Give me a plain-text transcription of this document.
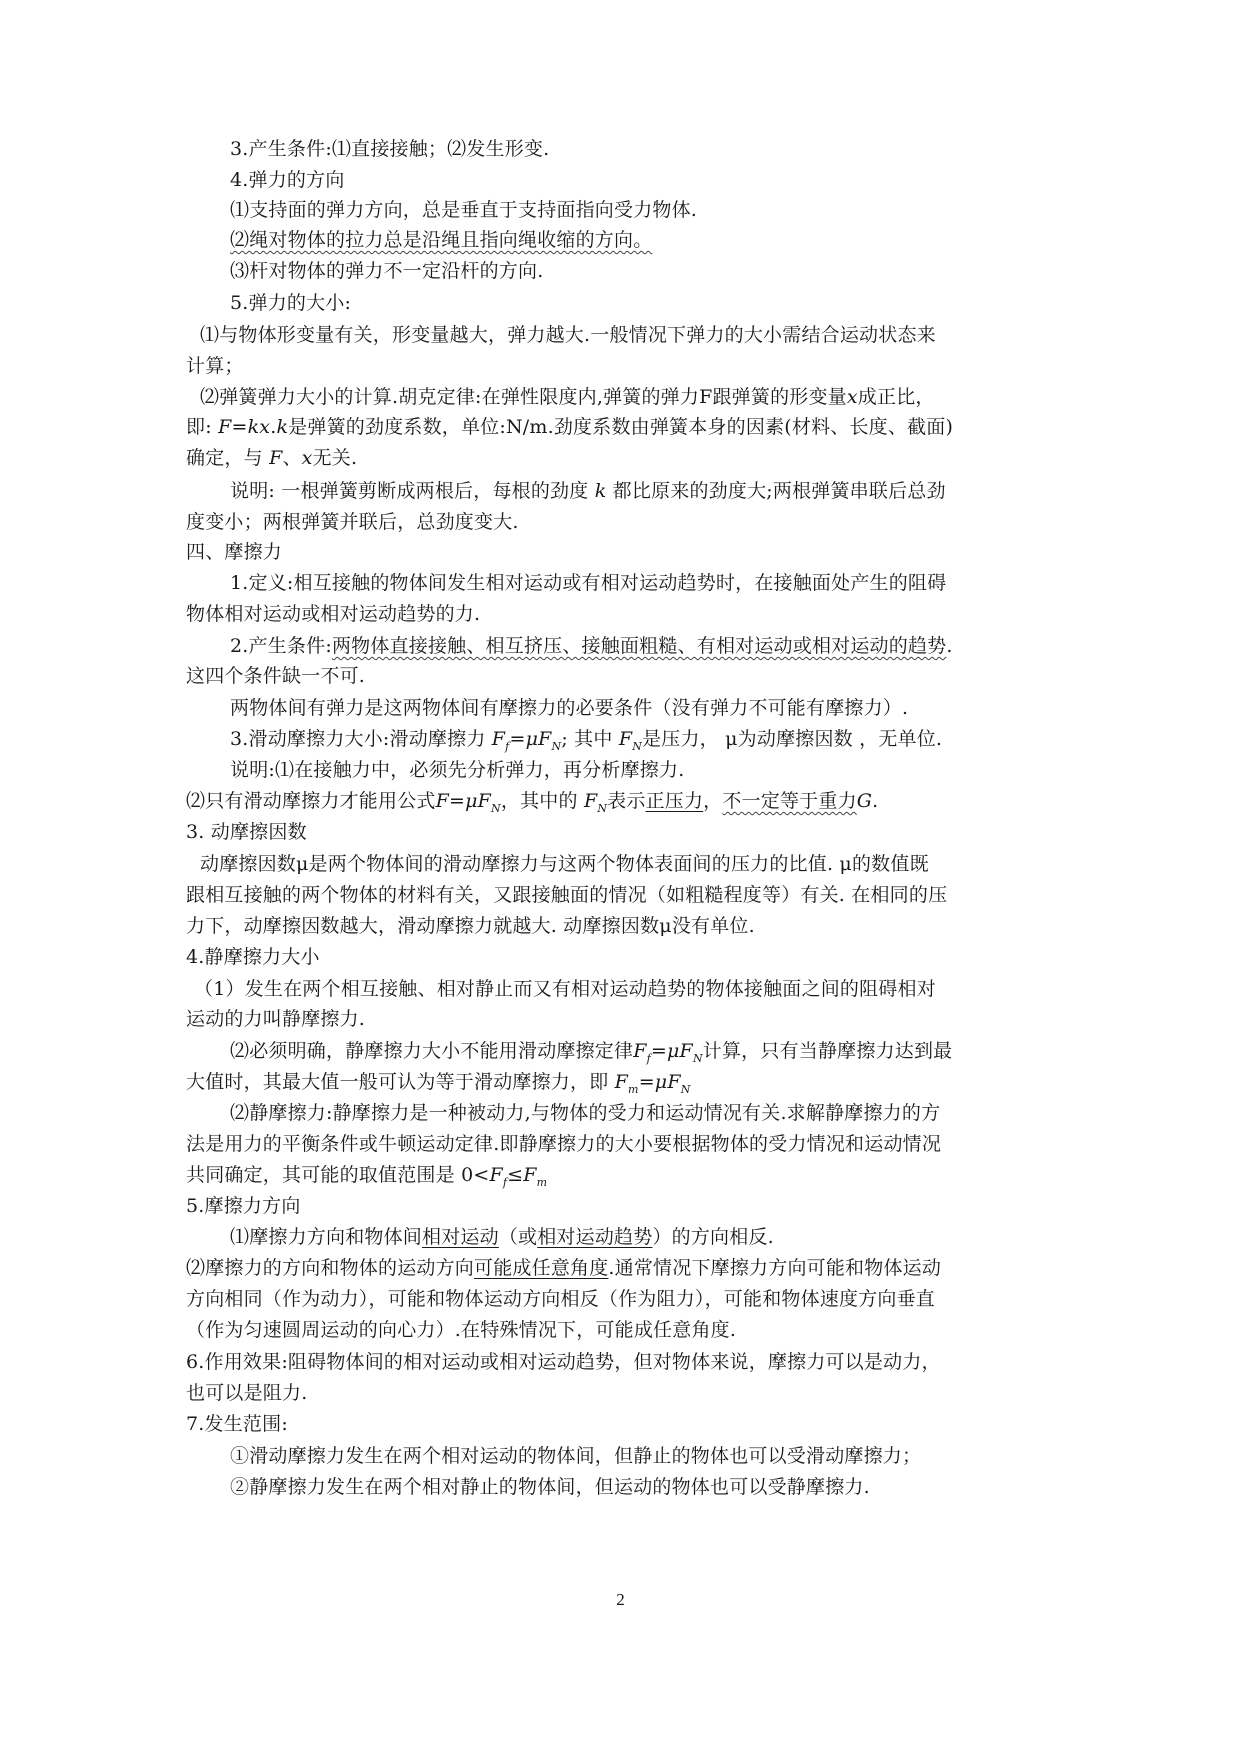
3.产生条件:⑴直接接触；⑵发生形变.
4.弹力的方向
⑴支持面的弹力方向，总是垂直于支持面指向受力物体.
⑵绳对物体的拉力总是沿绳且指向绳收缩的方向。
⑶杆对物体的弹力不一定沿杆的方向.
5.弹力的大小:
⑴与物体形变量有关，形变量越大，弹力越大.一般情况下弹力的大小需结合运动状态来
计算；
⑵弹簧弹力大小的计算.胡克定律:在弹性限度内,弹簧的弹力F跟弹簧的形变量x成正比，
即: F=kx.k是弹簧的劲度系数，单位:N/m.劲度系数由弹簧本身的因素(材料、长度、截面)
确定，与 F、x无关.
说明: 一根弹簧剪断成两根后，每根的劲度 k 都比原来的劲度大;两根弹簧串联后总劲
度变小；两根弹簧并联后，总劲度变大.
四、摩擦力
1.定义:相互接触的物体间发生相对运动或有相对运动趋势时，在接触面处产生的阻碍
物体相对运动或相对运动趋势的力.
2.产生条件:两物体直接接触、相互挤压、接触面粗糙、有相对运动或相对运动的趋势.
这四个条件缺一不可.
两物体间有弹力是这两物体间有摩擦力的必要条件（没有弹力不可能有摩擦力）.
3.滑动摩擦力大小:滑动摩擦力 $F_f=\mu F_N$; 其中 $F_N$是压力， μ为动摩擦因数 ，无单位.
说明:⑴在接触力中，必须先分析弹力，再分析摩擦力.
⑵只有滑动摩擦力才能用公式$F=\mu F_N$，其中的 $F_N$表示正压力，不一定等于重力G.
3. 动摩擦因数
动摩擦因数μ是两个物体间的滑动摩擦力与这两个物体表面间的压力的比值. μ的数值既
跟相互接触的两个物体的材料有关，又跟接触面的情况（如粗糙程度等）有关. 在相同的压
力下，动摩擦因数越大，滑动摩擦力就越大. 动摩擦因数μ没有单位.
4.静摩擦力大小
（1）发生在两个相互接触、相对静止而又有相对运动趋势的物体接触面之间的阻碍相对
运动的力叫静摩擦力.
⑵必须明确，静摩擦力大小不能用滑动摩擦定律$F_f=\mu F_N$计算，只有当静摩擦力达到最
大值时，其最大值一般可认为等于滑动摩擦力，即 $F_m=\mu F_N$
⑵静摩擦力:静摩擦力是一种被动力,与物体的受力和运动情况有关.求解静摩擦力的方
法是用力的平衡条件或牛顿运动定律.即静摩擦力的大小要根据物体的受力情况和运动情况
共同确定，其可能的取值范围是 $0<F_f\le F_m$
5.摩擦力方向
⑴摩擦力方向和物体间相对运动（或相对运动趋势）的方向相反.
⑵摩擦力的方向和物体的运动方向可能成任意角度.通常情况下摩擦力方向可能和物体运动
方向相同（作为动力），可能和物体运动方向相反（作为阻力），可能和物体速度方向垂直
（作为匀速圆周运动的向心力）.在特殊情况下，可能成任意角度.
6.作用效果:阻碍物体间的相对运动或相对运动趋势，但对物体来说，摩擦力可以是动力，
也可以是阻力.
7.发生范围:
①滑动摩擦力发生在两个相对运动的物体间，但静止的物体也可以受滑动摩擦力；
②静摩擦力发生在两个相对静止的物体间，但运动的物体也可以受静摩擦力.
2
